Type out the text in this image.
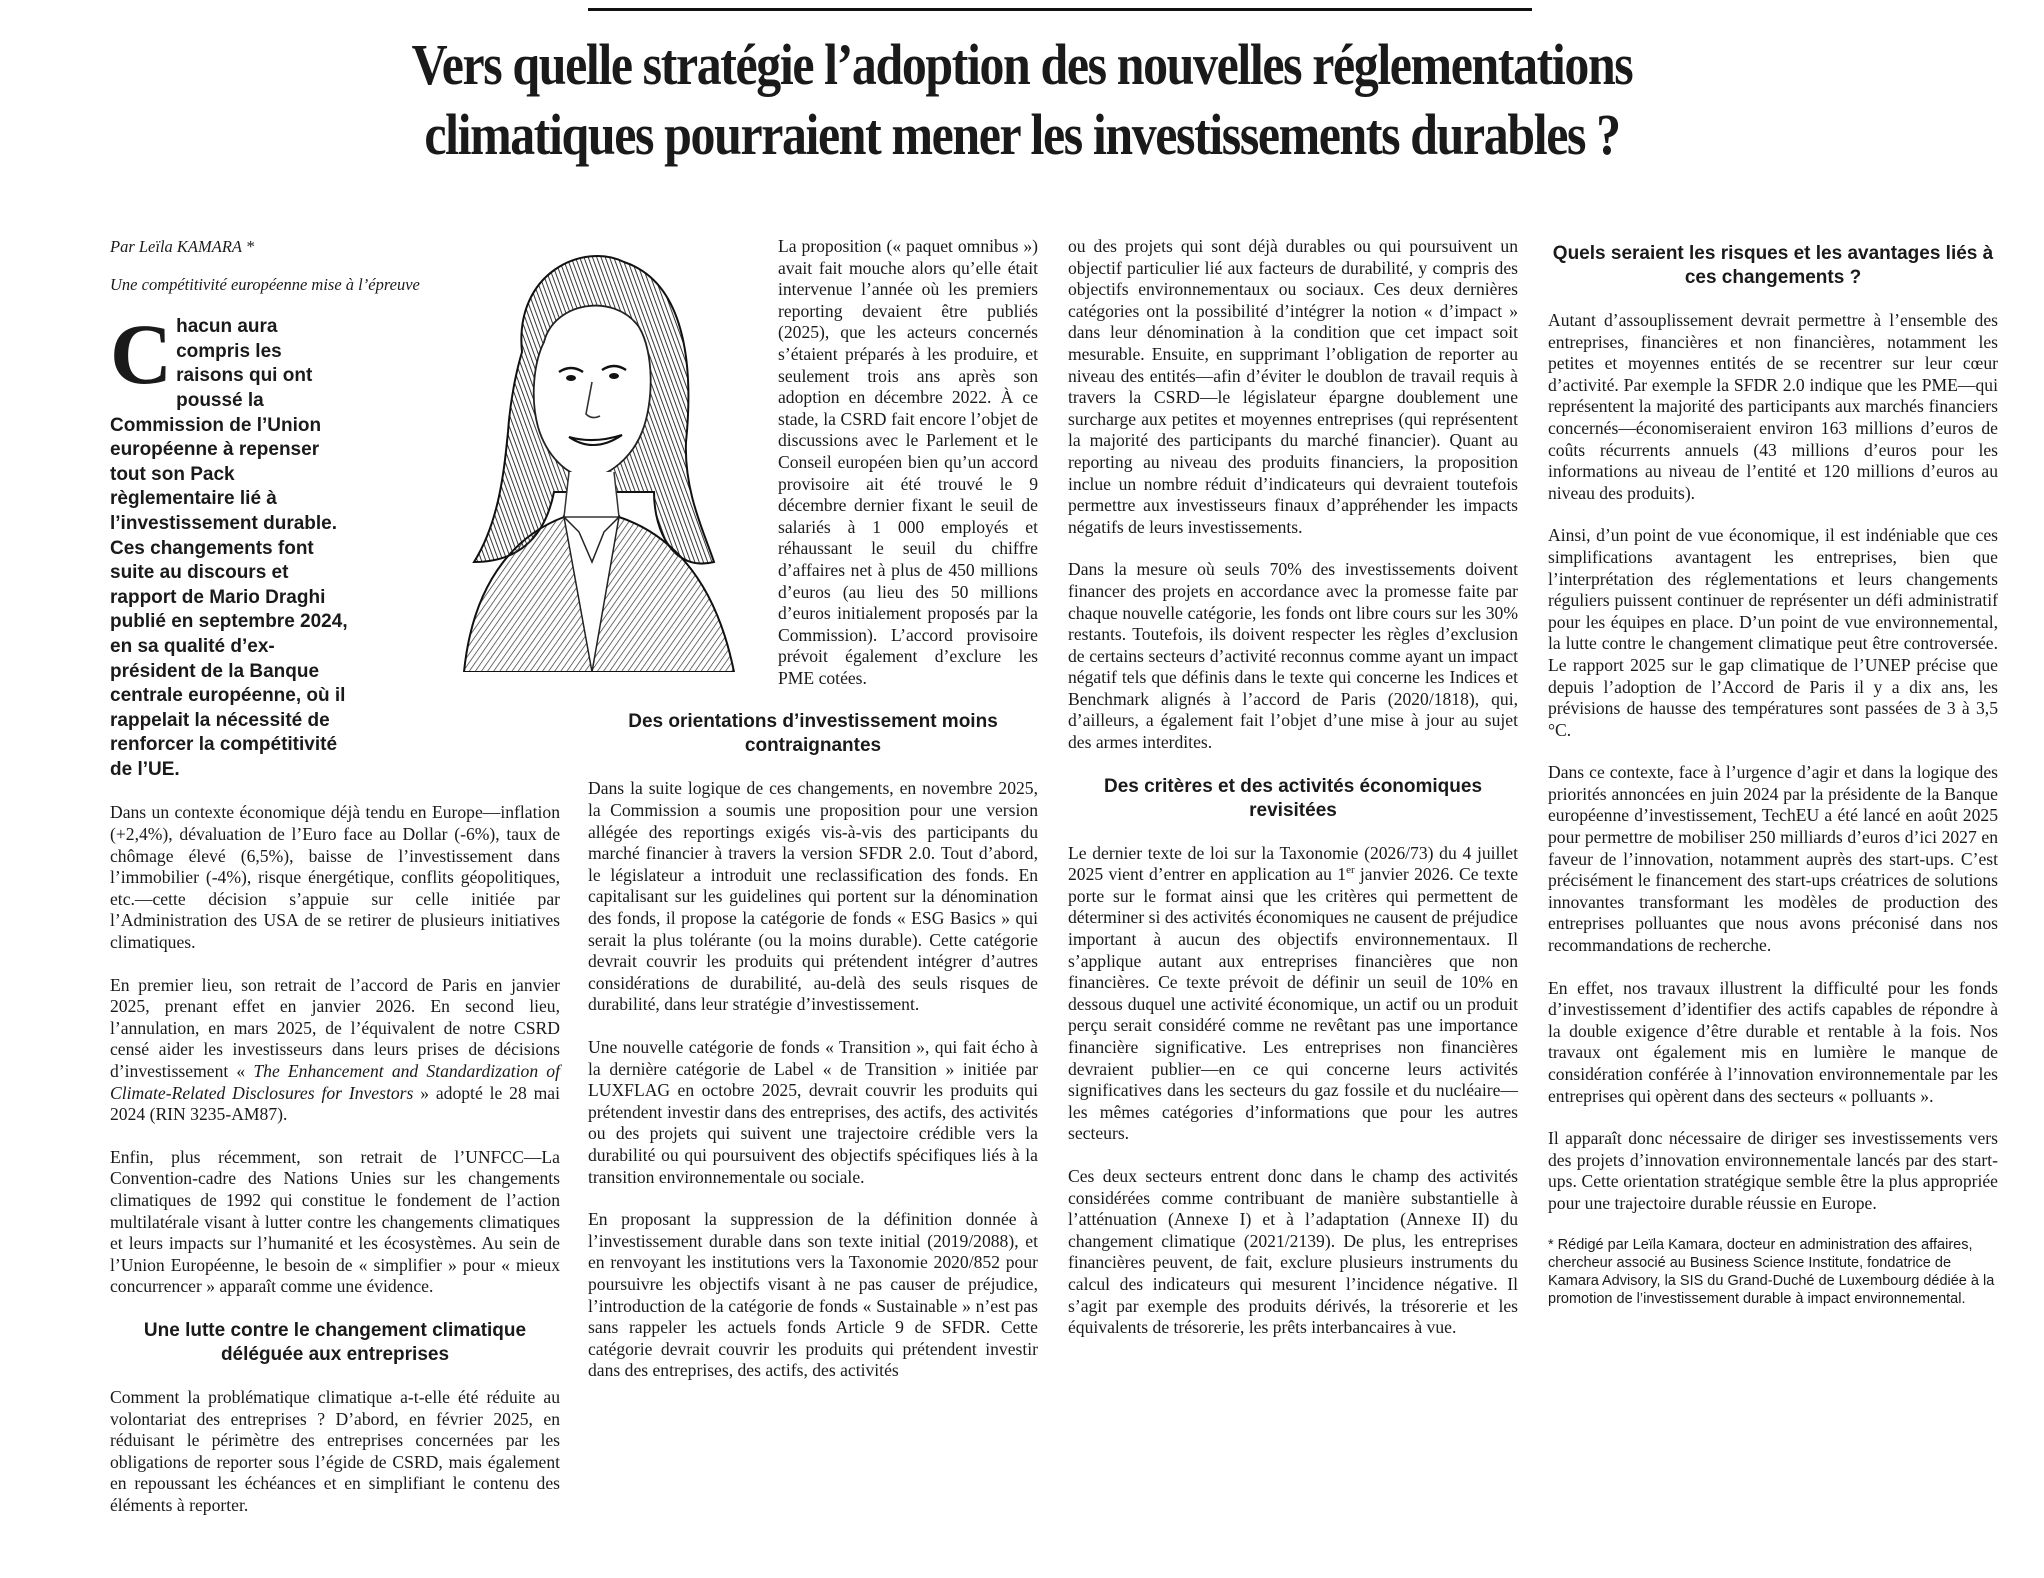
Vers quelle stratégie l’adoption des nouvelles réglementations
climatiques pourraient mener les investissements durables ?
Par Leïla KAMARA *
Une compétitivité européenne mise à l’épreuve

Chacun aura compris les raisons qui ont poussé la Commission de l’Union européenne à repenser tout son Pack règlementaire lié à l’investissement durable. Ces changements font suite au discours et rapport de Mario Draghi publié en septembre 2024, en sa qualité d’ex-président de la Banque centrale européenne, où il rappelait la nécessité de renforcer la compétitivité de l’UE.

Dans un contexte économique déjà tendu en Europe—inflation (+2,4%), dévaluation de l’Euro face au Dollar (-6%), taux de chômage élevé (6,5%), baisse de l’investissement dans l’immobilier (-4%), risque énergétique, conflits géopolitiques, etc.—cette décision s’appuie sur celle initiée par l’Administration des USA de se retirer de plusieurs initiatives climatiques.

En premier lieu, son retrait de l’accord de Paris en janvier 2025, prenant effet en janvier 2026. En second lieu, l’annulation, en mars 2025, de l’équivalent de notre CSRD censé aider les investisseurs dans leurs prises de décisions d’investissement « The Enhancement and Standardization of Climate-Related Disclosures for Investors » adopté le 28 mai 2024 (RIN 3235-AM87).

Enfin, plus récemment, son retrait de l’UNFCC—La Convention-cadre des Nations Unies sur les changements climatiques de 1992 qui constitue le fondement de l’action multilatérale visant à lutter contre les changements climatiques et leurs impacts sur l’humanité et les écosystèmes. Au sein de l’Union Européenne, le besoin de « simplifier » pour « mieux concurrencer » apparaît comme une évidence.

Une lutte contre le changement climatique déléguée aux entreprises

Comment la problématique climatique a-t-elle été réduite au volontariat des entreprises ? D’abord, en février 2025, en réduisant le périmètre des entreprises concernées par les obligations de reporter sous l’égide de CSRD, mais également en repoussant les échéances et en simplifiant le contenu des éléments à reporter.

La proposition (« paquet omnibus ») avait fait mouche alors qu’elle était intervenue l’année où les premiers reporting devaient être publiés (2025), que les acteurs concernés s’étaient préparés à les produire, et seulement trois ans après son adoption en décembre 2022. À ce stade, la CSRD fait encore l’objet de discussions avec le Parlement et le Conseil européen bien qu’un accord provisoire ait été trouvé le 9 décembre dernier fixant le seuil de salariés à 1 000 employés et réhaussant le seuil du chiffre d’affaires net à plus de 450 millions d’euros (au lieu des 50 millions d’euros initialement proposés par la Commission). L’accord provisoire prévoit également d’exclure les PME cotées.

Des orientations d’investissement moins contraignantes

Dans la suite logique de ces changements, en novembre 2025, la Commission a soumis une proposition pour une version allégée des reportings exigés vis-à-vis des participants du marché financier à travers la version SFDR 2.0. Tout d’abord, le législateur a introduit une reclassification des fonds. En capitalisant sur les guidelines qui portent sur la dénomination des fonds, il propose la catégorie de fonds « ESG Basics » qui serait la plus tolérante (ou la moins durable). Cette catégorie devrait couvrir les produits qui prétendent intégrer d’autres considérations de durabilité, au-delà des seuls risques de durabilité, dans leur stratégie d’investissement.

Une nouvelle catégorie de fonds « Transition », qui fait écho à la dernière catégorie de Label « de Transition » initiée par LUXFLAG en octobre 2025, devrait couvrir les produits qui prétendent investir dans des entreprises, des actifs, des activités ou des projets qui suivent une trajectoire crédible vers la durabilité ou qui poursuivent des objectifs spécifiques liés à la transition environnementale ou sociale.

En proposant la suppression de la définition donnée à l’investissement durable dans son texte initial (2019/2088), et en renvoyant les institutions vers la Taxonomie 2020/852 pour poursuivre les objectifs visant à ne pas causer de préjudice, l’introduction de la catégorie de fonds « Sustainable » n’est pas sans rappeler les actuels fonds Article 9 de SFDR. Cette catégorie devrait couvrir les produits qui prétendent investir dans des entreprises, des actifs, des activités

ou des projets qui sont déjà durables ou qui poursuivent un objectif particulier lié aux facteurs de durabilité, y compris des objectifs environnementaux ou sociaux. Ces deux dernières catégories ont la possibilité d’intégrer la notion « d’impact » dans leur dénomination à la condition que cet impact soit mesurable. Ensuite, en supprimant l’obligation de reporter au niveau des entités—afin d’éviter le doublon de travail requis à travers la CSRD—le législateur épargne doublement une surcharge aux petites et moyennes entreprises (qui représentent la majorité des participants du marché financier). Quant au reporting au niveau des produits financiers, la proposition inclue un nombre réduit d’indicateurs qui devraient toutefois permettre aux investisseurs finaux d’appréhender les impacts négatifs de leurs investissements.

Dans la mesure où seuls 70% des investissements doivent financer des projets en accordance avec la promesse faite par chaque nouvelle catégorie, les fonds ont libre cours sur les 30% restants. Toutefois, ils doivent respecter les règles d’exclusion de certains secteurs d’activité reconnus comme ayant un impact négatif tels que définis dans le texte qui concerne les Indices et Benchmark alignés à l’accord de Paris (2020/1818), qui, d’ailleurs, a également fait l’objet d’une mise à jour au sujet des armes interdites.

Des critères et des activités économiques revisitées

Le dernier texte de loi sur la Taxonomie (2026/73) du 4 juillet 2025 vient d’entrer en application au 1er janvier 2026. Ce texte porte sur le format ainsi que les critères qui permettent de déterminer si des activités économiques ne causent de préjudice important à aucun des objectifs environnementaux. Il s’applique autant aux entreprises financières que non financières. Ce texte prévoit de définir un seuil de 10% en dessous duquel une activité économique, un actif ou un produit perçu serait considéré comme ne revêtant pas une importance financière significative. Les entreprises non financières devraient publier—en ce qui concerne leurs activités significatives dans les secteurs du gaz fossile et du nucléaire—les mêmes catégories d’informations que pour les autres secteurs.

Ces deux secteurs entrent donc dans le champ des activités considérées comme contribuant de manière substantielle à l’atténuation (Annexe I) et à l’adaptation (Annexe II) du changement climatique (2021/2139). De plus, les entreprises financières peuvent, de fait, exclure plusieurs instruments du calcul des indicateurs qui mesurent l’incidence négative. Il s’agit par exemple des produits dérivés, la trésorerie et les équivalents de trésorerie, les prêts interbancaires à vue.

Quels seraient les risques et les avantages liés à ces changements ?

Autant d’assouplissement devrait permettre à l’ensemble des entreprises, financières et non financières, notamment les petites et moyennes entités de se recentrer sur leur cœur d’activité. Par exemple la SFDR 2.0 indique que les PME—qui représentent la majorité des participants aux marchés financiers concernés—économiseraient environ 163 millions d’euros de coûts récurrents annuels (43 millions d’euros pour les informations au niveau de l’entité et 120 millions d’euros au niveau des produits).

Ainsi, d’un point de vue économique, il est indéniable que ces simplifications avantagent les entreprises, bien que l’interprétation des réglementations et leurs changements réguliers puissent continuer de représenter un défi administratif pour les équipes en place. D’un point de vue environnemental, la lutte contre le changement climatique peut être controversée. Le rapport 2025 sur le gap climatique de l’UNEP précise que depuis l’adoption de l’Accord de Paris il y a dix ans, les prévisions de hausse des températures sont passées de 3 à 3,5 °C.

Dans ce contexte, face à l’urgence d’agir et dans la logique des priorités annoncées en juin 2024 par la présidente de la Banque européenne d’investissement, TechEU a été lancé en août 2025 pour permettre de mobiliser 250 milliards d’euros d’ici 2027 en faveur de l’innovation, notamment auprès des start-ups. C’est précisément le financement des start-ups créatrices de solutions innovantes transformant les modèles de production des entreprises polluantes que nous avons préconisé dans nos recommandations de recherche.

En effet, nos travaux illustrent la difficulté pour les fonds d’investissement d’identifier des actifs capables de répondre à la double exigence d’être durable et rentable à la fois. Nos travaux ont également mis en lumière le manque de considération conférée à l’innovation environnementale par les entreprises qui opèrent dans des secteurs « polluants ».

Il apparaît donc nécessaire de diriger ses investissements vers des projets d’innovation environnementale lancés par des start-ups. Cette orientation stratégique semble être la plus appropriée pour une trajectoire durable réussie en Europe.

* Rédigé par Leïla Kamara, docteur en administration des affaires, chercheur associé au Business Science Institute, fondatrice de Kamara Advisory, la SIS du Grand-Duché de Luxembourg dédiée à la promotion de l’investissement durable à impact environnemental.
